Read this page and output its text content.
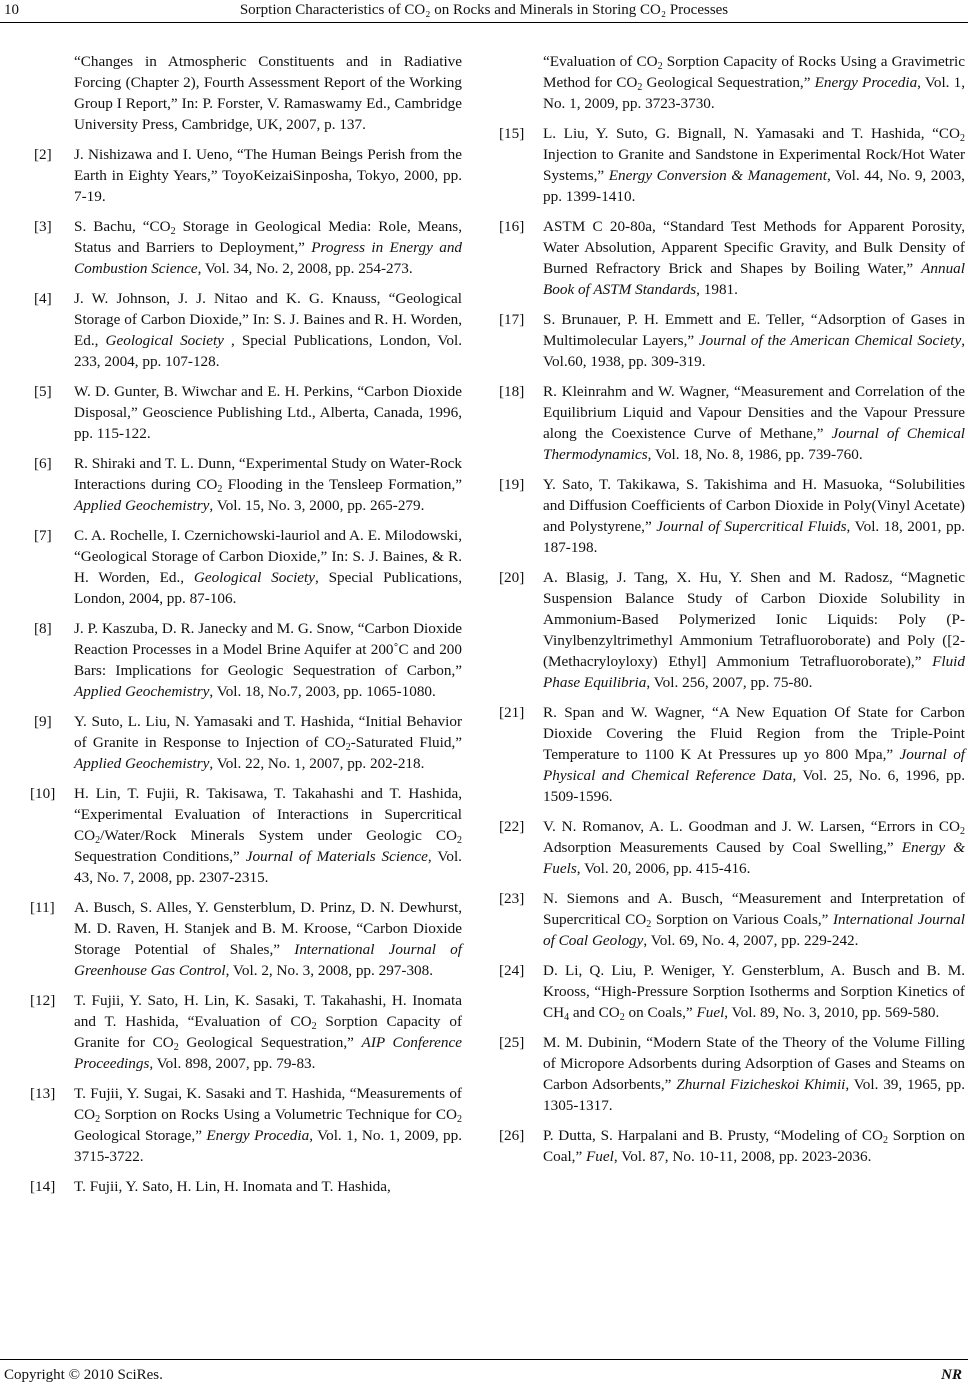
10	Sorption Characteristics of CO₂ on Rocks and Minerals in Storing CO₂ Processes
“Changes in Atmospheric Constituents and in Radiative Forcing (Chapter 2), Fourth Assessment Report of the Working Group I Report,” In: P. Forster, V. Ramaswamy Ed., Cambridge University Press, Cambridge, UK, 2007, p. 137.
[2] J. Nishizawa and I. Ueno, “The Human Beings Perish from the Earth in Eighty Years,” ToyoKeizaiSinposha, Tokyo, 2000, pp. 7-19.
[3] S. Bachu, “$CO_2$ Storage in Geological Media: Role, Means, Status and Barriers to Deployment,” Progress in Energy and Combustion Science, Vol. 34, No. 2, 2008, pp. 254-273.
[4] J. W. Johnson, J. J. Nitao and K. G. Knauss, “Geological Storage of Carbon Dioxide,” In: S. J. Baines and R. H. Worden, Ed., Geological Society , Special Publications, London, Vol. 233, 2004, pp. 107-128.
[5] W. D. Gunter, B. Wiwchar and E. H. Perkins, “Carbon Dioxide Disposal,” Geoscience Publishing Ltd., Alberta, Canada, 1996, pp. 115-122.
[6] R. Shiraki and T. L. Dunn, “Experimental Study on Water-Rock Interactions during $CO_2$ Flooding in the Tensleep Formation,” Applied Geochemistry, Vol. 15, No. 3, 2000, pp. 265-279.
[7] C. A. Rochelle, I. Czernichowski-lauriol and A. E. Milodowski, “Geological Storage of Carbon Dioxide,” In: S. J. Baines, & R. H. Worden, Ed., Geological Society, Special Publications, London, 2004, pp. 87-106.
[8] J. P. Kaszuba, D. R. Janecky and M. G. Snow, “Carbon Dioxide Reaction Processes in a Model Brine Aquifer at 200˚C and 200 Bars: Implications for Geologic Sequestration of Carbon,” Applied Geochemistry, Vol. 18, No.7, 2003, pp. 1065-1080.
[9] Y. Suto, L. Liu, N. Yamasaki and T. Hashida, “Initial Behavior of Granite in Response to Injection of $CO_2$-Saturated Fluid,” Applied Geochemistry, Vol. 22, No. 1, 2007, pp. 202-218.
[10] H. Lin, T. Fujii, R. Takisawa, T. Takahashi and T. Hashida, “Experimental Evaluation of Interactions in Supercritical $CO_2/Water$/Rock Minerals System under Geologic $CO_2$ Sequestration Conditions,” Journal of Materials Science, Vol. 43, No. 7, 2008, pp. 2307-2315.
[11] A. Busch, S. Alles, Y. Gensterblum, D. Prinz, D. N. Dewhurst, M. D. Raven, H. Stanjek and B. M. Kroose, “Carbon Dioxide Storage Potential of Shales,” International Journal of Greenhouse Gas Control, Vol. 2, No. 3, 2008, pp. 297-308.
[12] T. Fujii, Y. Sato, H. Lin, K. Sasaki, T. Takahashi, H. Inomata and T. Hashida, “Evaluation of $CO_2$ Sorption Capacity of Granite for $CO_2$ Geological Sequestration,” AIP Conference Proceedings, Vol. 898, 2007, pp. 79-83.
[13] T. Fujii, Y. Sugai, K. Sasaki and T. Hashida, “Measurements of $CO_2$ Sorption on Rocks Using a Volumetric Technique for $CO_2$ Geological Storage,” Energy Procedia, Vol. 1, No. 1, 2009, pp. 3715-3722.
[14] T. Fujii, Y. Sato, H. Lin, H. Inomata and T. Hashida,
“Evaluation of $CO_2$ Sorption Capacity of Rocks Using a Gravimetric Method for $CO_2$ Geological Sequestration,” Energy Procedia, Vol. 1, No. 1, 2009, pp. 3723-3730.
[15] L. Liu, Y. Suto, G. Bignall, N. Yamasaki and T. Hashida, “$CO_2$ Injection to Granite and Sandstone in Experimental Rock/Hot Water Systems,” Energy Conversion & Management, Vol. 44, No. 9, 2003, pp. 1399-1410.
[16] ASTM C 20-80a, “Standard Test Methods for Apparent Porosity, Water Absolution, Apparent Specific Gravity, and Bulk Density of Burned Refractory Brick and Shapes by Boiling Water,” Annual Book of ASTM Standards, 1981.
[17] S. Brunauer, P. H. Emmett and E. Teller, “Adsorption of Gases in Multimolecular Layers,” Journal of the American Chemical Society, Vol.60, 1938, pp. 309-319.
[18] R. Kleinrahm and W. Wagner, “Measurement and Correlation of the Equilibrium Liquid and Vapour Densities and the Vapour Pressure along the Coexistence Curve of Methane,” Journal of Chemical Thermodynamics, Vol. 18, No. 8, 1986, pp. 739-760.
[19] Y. Sato, T. Takikawa, S. Takishima and H. Masuoka, “Solubilities and Diffusion Coefficients of Carbon Dioxide in Poly(Vinyl Acetate) and Polystyrene,” Journal of Supercritical Fluids, Vol. 18, 2001, pp. 187-198.
[20] A. Blasig, J. Tang, X. Hu, Y. Shen and M. Radosz, “Magnetic Suspension Balance Study of Carbon Dioxide Solubility in Ammonium-Based Polymerized Ionic Liquids: Poly (P-Vinylbenzyltrimethyl Ammonium Tetrafluoroborate) and Poly ([2-(Methacryloyloxy) Ethyl] Ammonium Tetrafluoroborate),” Fluid Phase Equilibria, Vol. 256, 2007, pp. 75-80.
[21] R. Span and W. Wagner, “A New Equation Of State for Carbon Dioxide Covering the Fluid Region from the Triple-Point Temperature to 1100 K At Pressures up yo 800 Mpa,” Journal of Physical and Chemical Reference Data, Vol. 25, No. 6, 1996, pp. 1509-1596.
[22] V. N. Romanov, A. L. Goodman and J. W. Larsen, “Errors in $CO_2$ Adsorption Measurements Caused by Coal Swelling,” Energy & Fuels, Vol. 20, 2006, pp. 415-416.
[23] N. Siemons and A. Busch, “Measurement and Interpretation of Supercritical $CO_2$ Sorption on Various Coals,” International Journal of Coal Geology, Vol. 69, No. 4, 2007, pp. 229-242.
[24] D. Li, Q. Liu, P. Weniger, Y. Gensterblum, A. Busch and B. M. Krooss, “High-Pressure Sorption Isotherms and Sorption Kinetics of $CH_4$ and $CO_2$ on Coals,” Fuel, Vol. 89, No. 3, 2010, pp. 569-580.
[25] M. M. Dubinin, “Modern State of the Theory of the Volume Filling of Micropore Adsorbents during Adsorption of Gases and Steams on Carbon Adsorbents,” Zhurnal Fizicheskoi Khimii, Vol. 39, 1965, pp. 1305-1317.
[26] P. Dutta, S. Harpalani and B. Prusty, “Modeling of $CO_2$ Sorption on Coal,” Fuel, Vol. 87, No. 10-11, 2008, pp. 2023-2036.
Copyright © 2010 SciRes.	NR
